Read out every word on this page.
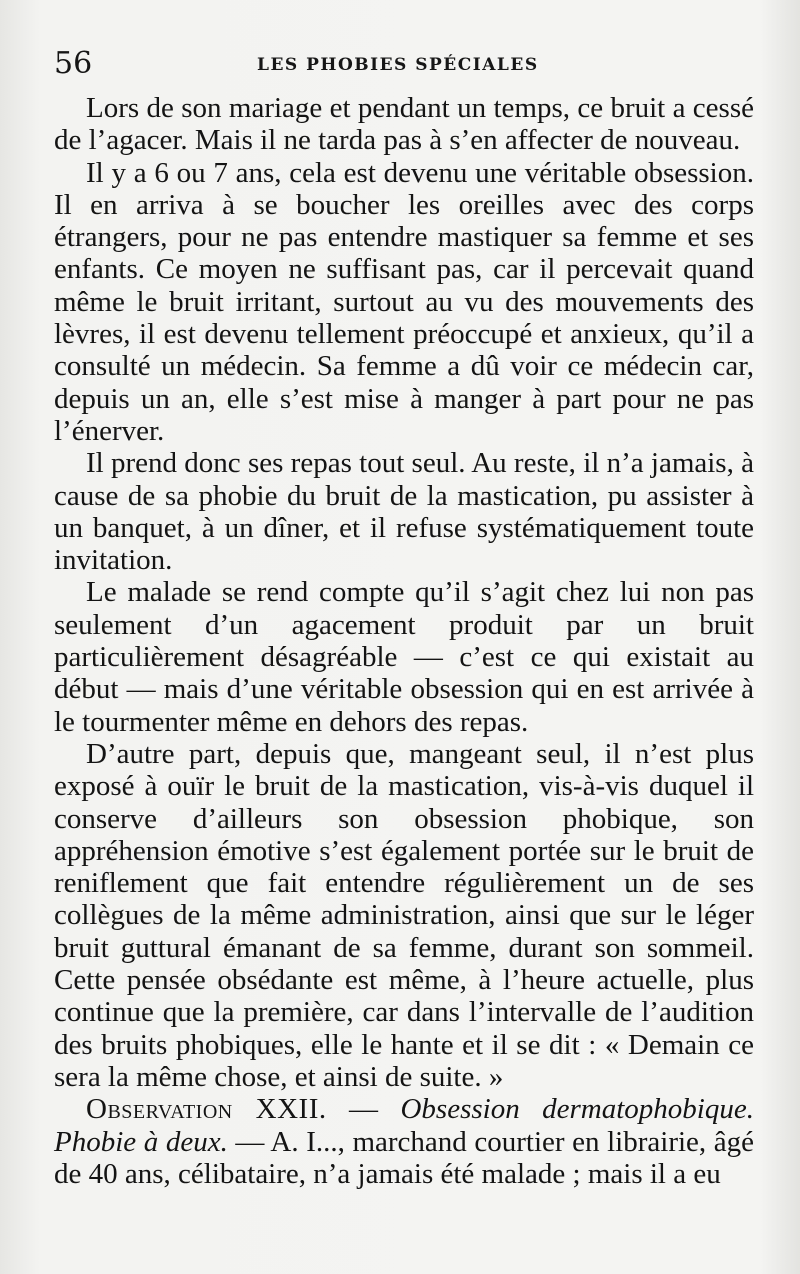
56	LES PHOBIES SPÉCIALES

Lors de son mariage et pendant un temps, ce bruit a cessé de l’agacer. Mais il ne tarda pas à s’en affecter de nouveau.

Il y a 6 ou 7 ans, cela est devenu une véritable obsession. Il en arriva à se boucher les oreilles avec des corps étrangers, pour ne pas entendre mastiquer sa femme et ses enfants. Ce moyen ne suffisant pas, car il percevait quand même le bruit irritant, surtout au vu des mouvements des lèvres, il est devenu tellement préoccupé et anxieux, qu’il a consulté un médecin. Sa femme a dû voir ce médecin car, depuis un an, elle s’est mise à manger à part pour ne pas l’énerver.

Il prend donc ses repas tout seul. Au reste, il n’a jamais, à cause de sa phobie du bruit de la mastication, pu assister à un banquet, à un dîner, et il refuse systématiquement toute invitation.

Le malade se rend compte qu’il s’agit chez lui non pas seulement d’un agacement produit par un bruit particulièrement désagréable — c’est ce qui existait au début — mais d’une véritable obsession qui en est arrivée à le tourmenter même en dehors des repas.

D’autre part, depuis que, mangeant seul, il n’est plus exposé à ouïr le bruit de la mastication, vis-à-vis duquel il conserve d’ailleurs son obsession phobique, son appréhension émotive s’est également portée sur le bruit de reniflement que fait entendre régulièrement un de ses collègues de la même administration, ainsi que sur le léger bruit guttural émanant de sa femme, durant son sommeil. Cette pensée obsédante est même, à l’heure actuelle, plus continue que la première, car dans l’intervalle de l’audition des bruits phobiques, elle le hante et il se dit : « Demain ce sera la même chose, et ainsi de suite. »

Observation XXII. — Obsession dermatophobique. Phobie à deux. — A. I..., marchand courtier en librairie, âgé de 40 ans, célibataire, n’a jamais été malade ; mais il a eu
